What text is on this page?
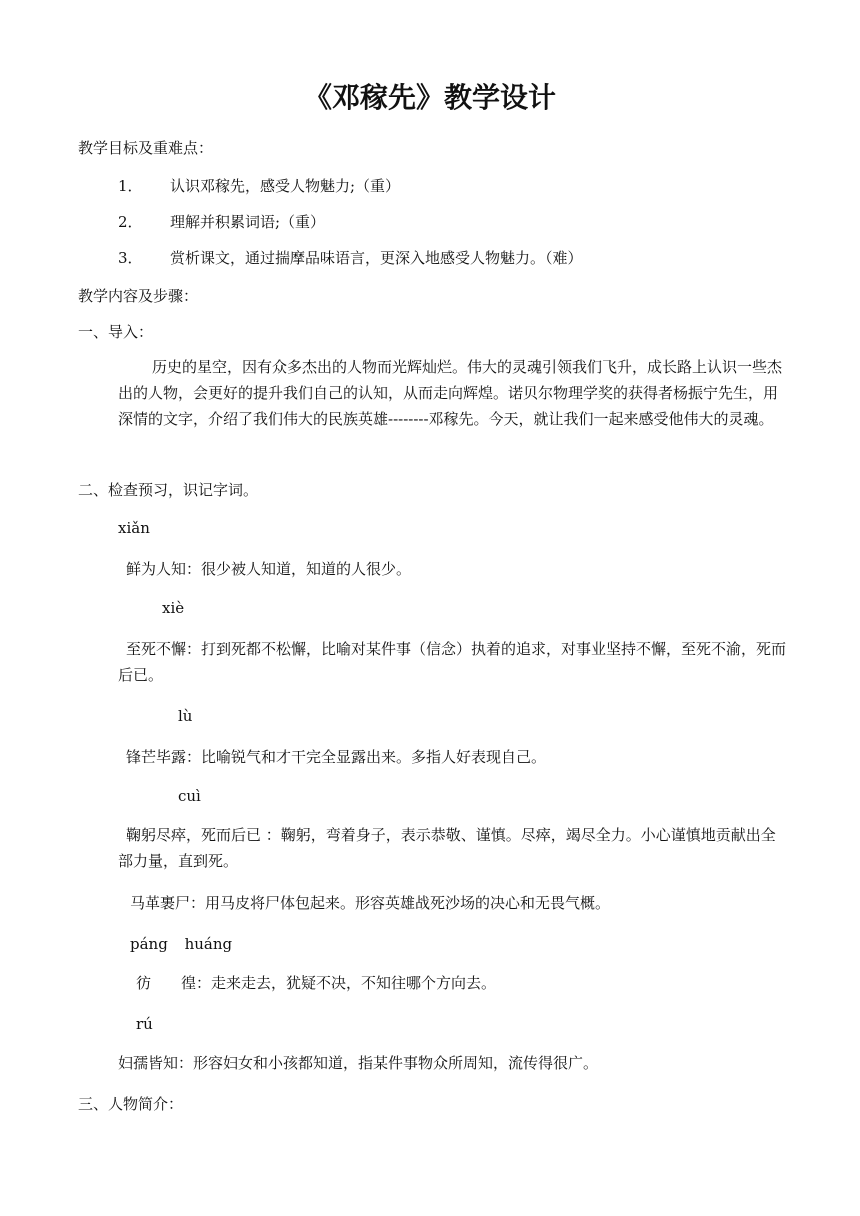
《邓稼先》教学设计
教学目标及重难点：
1． 认识邓稼先，感受人物魅力;（重）
2． 理解并积累词语;（重）
3． 赏析课文，通过揣摩品味语言，更深入地感受人物魅力。（难）
教学内容及步骤：
一、导入：
历史的星空，因有众多杰出的人物而光辉灿烂。伟大的灵魂引领我们飞升，成长路上认识一些杰出的人物，会更好的提升我们自己的认知，从而走向辉煌。诺贝尔物理学奖的获得者杨振宁先生，用深情的文字，介绍了我们伟大的民族英雄--------邓稼先。今天，就让我们一起来感受他伟大的灵魂。
二、检查预习，识记字词。
xiǎn
鲜为人知：很少被人知道，知道的人很少。
xiè
至死不懈：打到死都不松懈，比喻对某件事（信念）执着的追求，对事业坚持不懈，至死不渝，死而后已。
lù
锋芒毕露：比喻锐气和才干完全显露出来。多指人好表现自己。
cuì
鞠躬尽瘁，死而后已 ：鞠躬，弯着身子，表示恭敬、谨慎。尽瘁，竭尽全力。小心谨慎地贡献出全部力量，直到死。
马革裹尸：用马皮将尸体包起来。形容英雄战死沙场的决心和无畏气概。
páng huáng
彷　　徨：走来走去，犹疑不决，不知往哪个方向去。
rú
妇孺皆知：形容妇女和小孩都知道，指某件事物众所周知，流传得很广。
三、人物简介：
